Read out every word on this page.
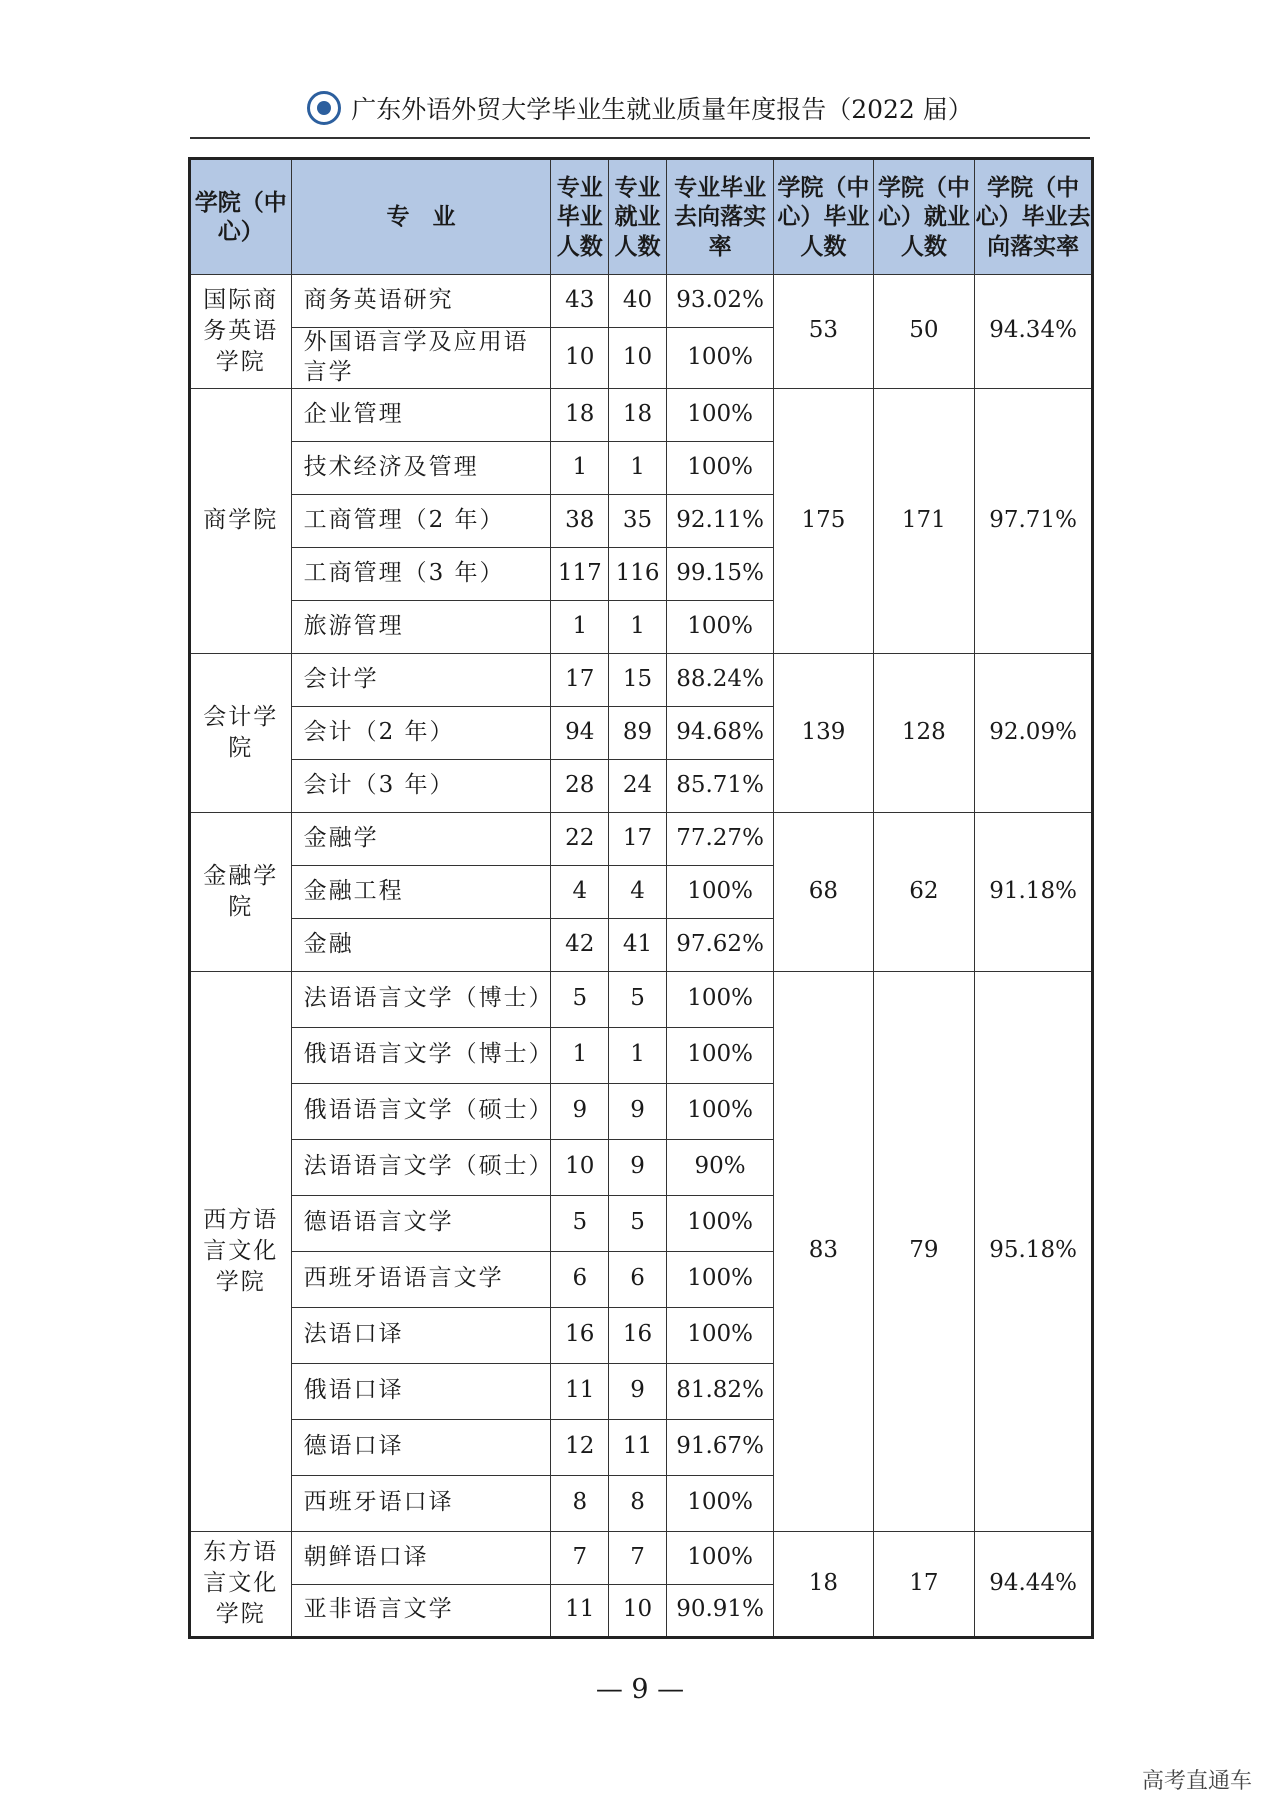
广东外语外贸大学毕业生就业质量年度报告（2022 届）
学院（中心）	专　业	专业毕业人数	专业就业人数	专业毕业去向落实率	学院（中心）毕业人数	学院（中心）就业人数	学院（中心）毕业去向落实率
国际商务英语学院	商务英语研究	43	40	93.02%	53	50	94.34%
	外国语言学及应用语言学	10	10	100%			
商学院	企业管理	18	18	100%	175	171	97.71%
	技术经济及管理	1	1	100%			
	工商管理（2 年）	38	35	92.11%			
	工商管理（3 年）	117	116	99.15%			
	旅游管理	1	1	100%			
会计学院	会计学	17	15	88.24%	139	128	92.09%
	会计（2 年）	94	89	94.68%			
	会计（3 年）	28	24	85.71%			
金融学院	金融学	22	17	77.27%	68	62	91.18%
	金融工程	4	4	100%			
	金融	42	41	97.62%			
西方语言文化学院	法语语言文学（博士）	5	5	100%	83	79	95.18%
	俄语语言文学（博士）	1	1	100%			
	俄语语言文学（硕士）	9	9	100%			
	法语语言文学（硕士）	10	9	90%			
	德语语言文学	5	5	100%			
	西班牙语语言文学	6	6	100%			
	法语口译	16	16	100%			
	俄语口译	11	9	81.82%			
	德语口译	12	11	91.67%			
	西班牙语口译	8	8	100%			
东方语言文化学院	朝鲜语口译	7	7	100%	18	17	94.44%
	亚非语言文学	11	10	90.91%			
— 9 —
高考直通车
